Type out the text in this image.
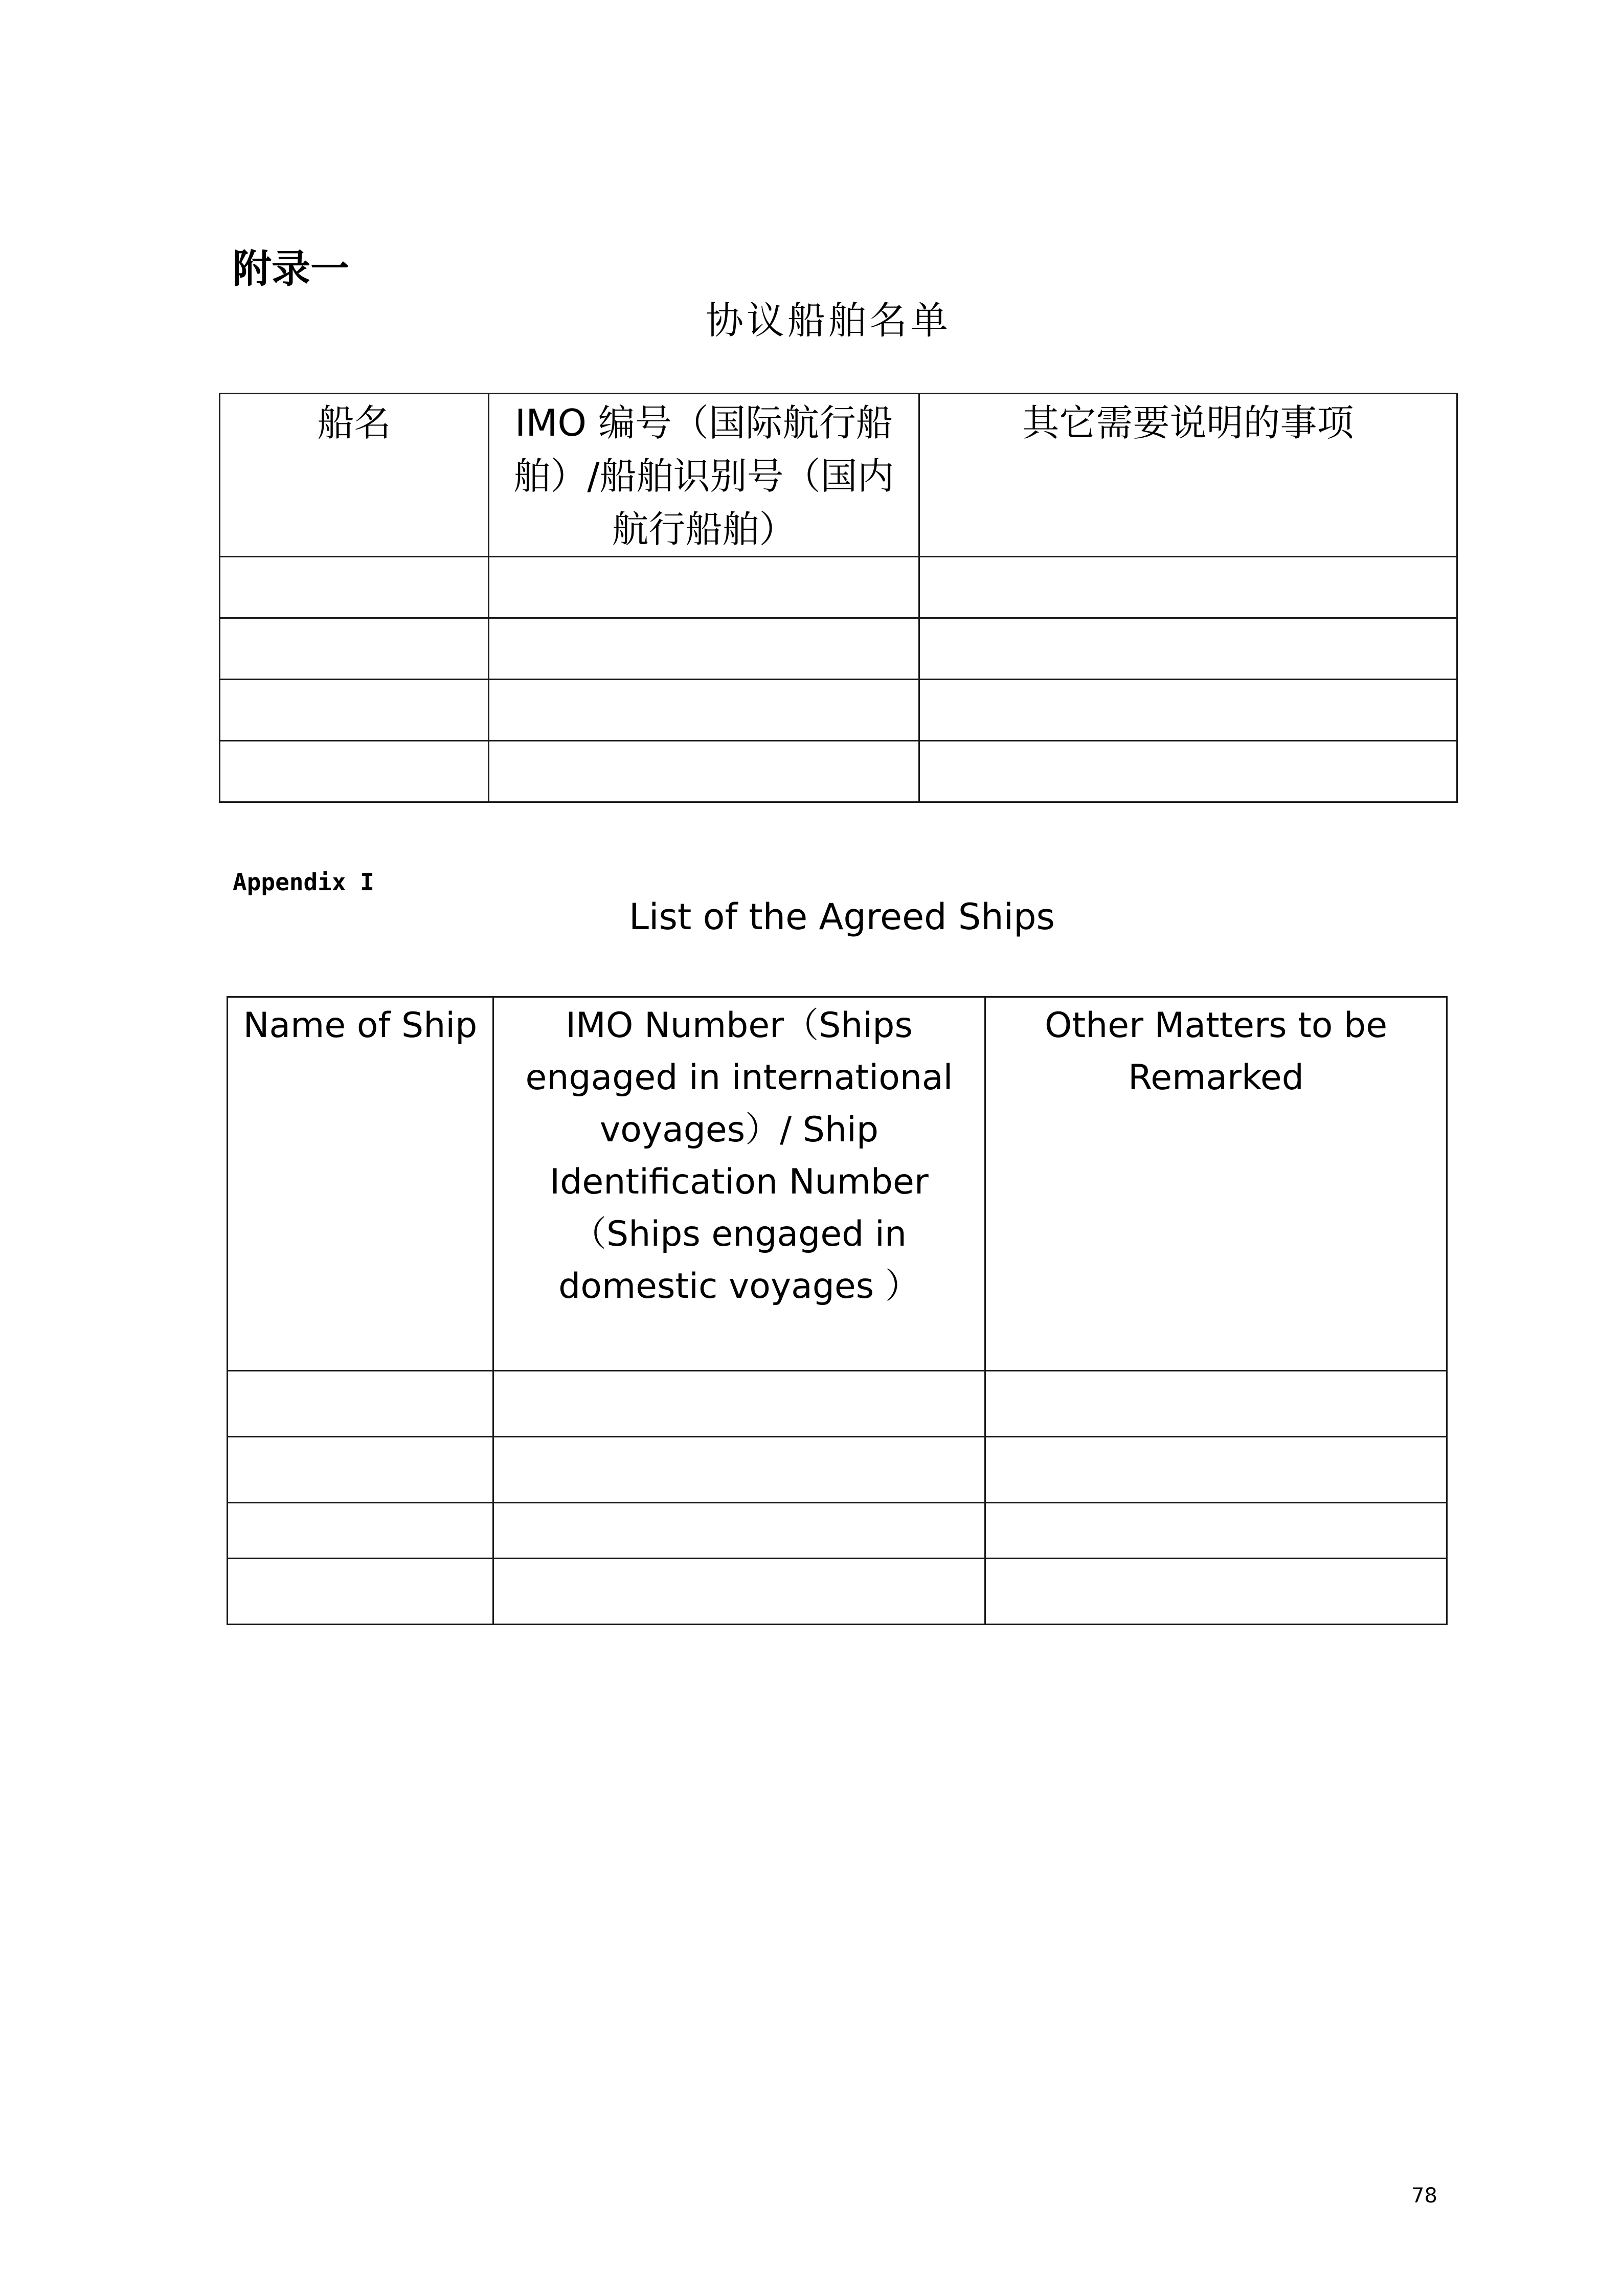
附录一
协议船舶名单
船名	IMO 编号（国际航行船舶）/船舶识别号（国内航行船舶）	其它需要说明的事项

Appendix I
List of the Agreed Ships
Name of Ship	IMO Number（Ships engaged in international voyages）/ Ship Identification Number （Ships engaged in domestic voyages ）	Other Matters to be Remarked

78
